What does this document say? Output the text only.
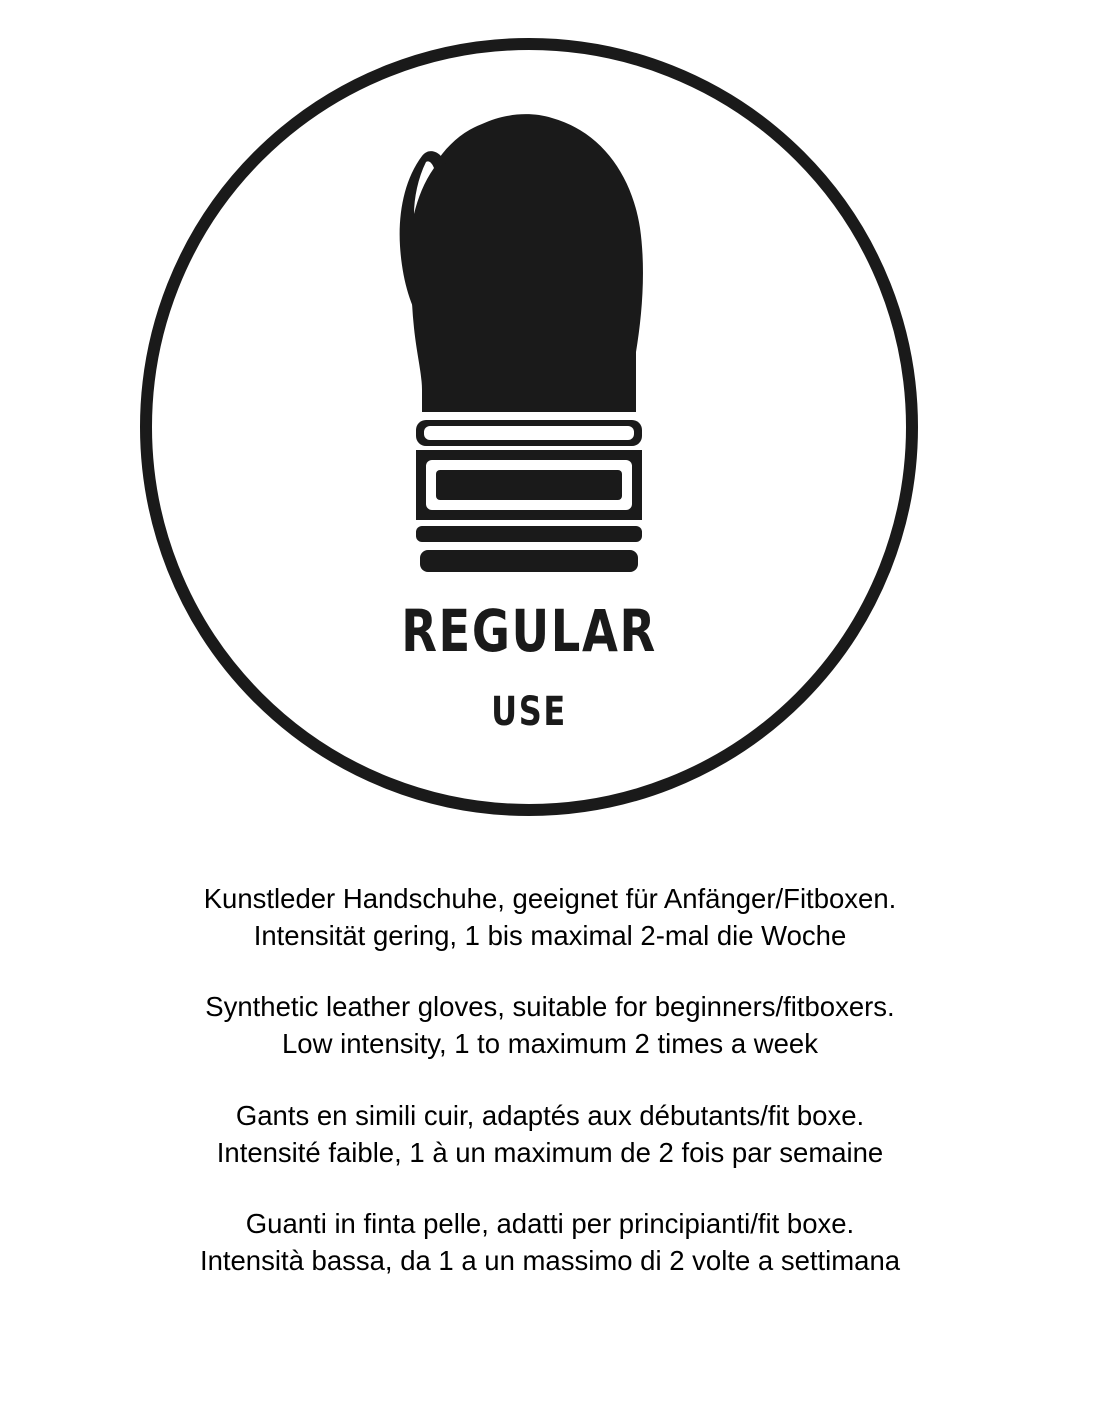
REGULAR
USE

Kunstleder Handschuhe, geeignet für Anfänger/Fitboxen.
Intensität gering, 1 bis maximal 2-mal die Woche

Synthetic leather gloves, suitable for beginners/fitboxers.
Low intensity, 1 to maximum 2 times a week

Gants en simili cuir, adaptés aux débutants/fit boxe.
Intensité faible, 1 à un maximum de 2 fois par semaine

Guanti in finta pelle, adatti per principianti/fit boxe.
Intensità bassa, da 1 a un massimo di 2 volte a settimana
